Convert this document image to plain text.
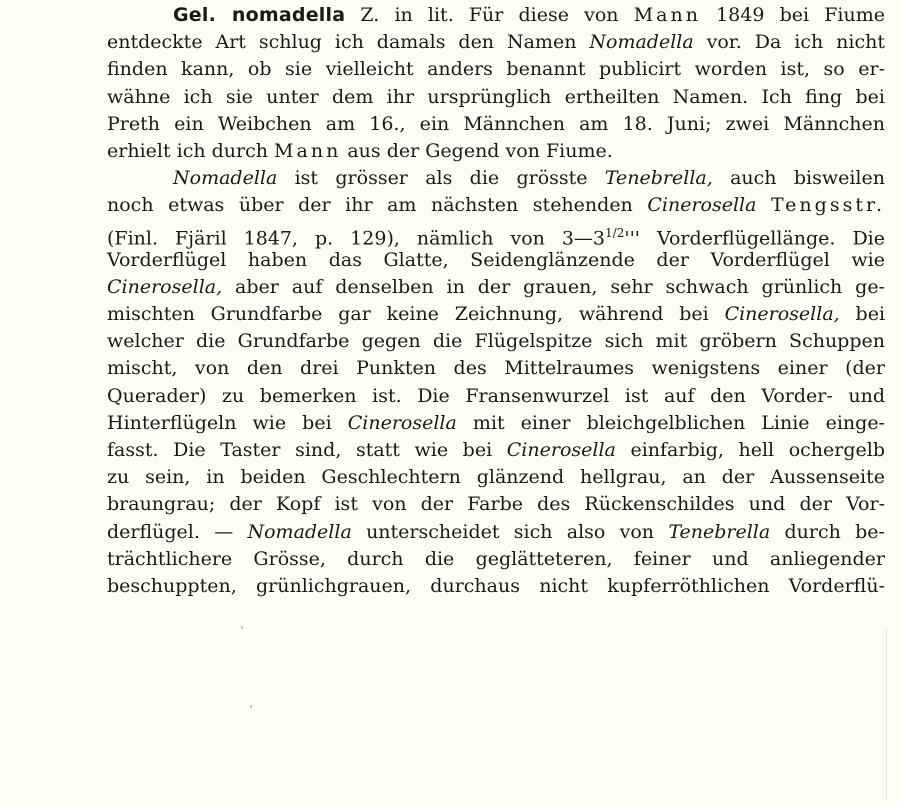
Gel. nomadella Z. in lit. Für diese von Mann 1849 bei Fiume
entdeckte Art schlug ich damals den Namen Nomadella vor. Da ich nicht
finden kann, ob sie vielleicht anders benannt publicirt worden ist, so er-
wähne ich sie unter dem ihr ursprünglich ertheilten Namen. Ich fing bei
Preth ein Weibchen am 16., ein Männchen am 18. Juni; zwei Männchen
erhielt ich durch Mann aus der Gegend von Fiume.
Nomadella ist grösser als die grösste Tenebrella, auch bisweilen
noch etwas über der ihr am nächsten stehenden Cinerosella Tengsstr.
(Finl. Fjäril 1847, p. 129), nämlich von $3—3^{1/2}'''$ Vorderflügellänge. Die
Vorderflügel haben das Glatte, Seidenglänzende der Vorderflügel wie
Cinerosella, aber auf denselben in der grauen, sehr schwach grünlich ge-
mischten Grundfarbe gar keine Zeichnung, während bei Cinerosella, bei
welcher die Grundfarbe gegen die Flügelspitze sich mit gröbern Schuppen
mischt, von den drei Punkten des Mittelraumes wenigstens einer (der
Querader) zu bemerken ist. Die Fransenwurzel ist auf den Vorder- und
Hinterflügeln wie bei Cinerosella mit einer bleichgelblichen Linie einge-
fasst. Die Taster sind, statt wie bei Cinerosella einfarbig, hell ochergelb
zu sein, in beiden Geschlechtern glänzend hellgrau, an der Aussenseite
braungrau; der Kopf ist von der Farbe des Rückenschildes und der Vor-
derflügel. — Nomadella unterscheidet sich also von Tenebrella durch be-
trächtlichere Grösse, durch die geglätteteren, feiner und anliegender
beschuppten, grünlichgrauen, durchaus nicht kupferröthlichen Vorderflü-
